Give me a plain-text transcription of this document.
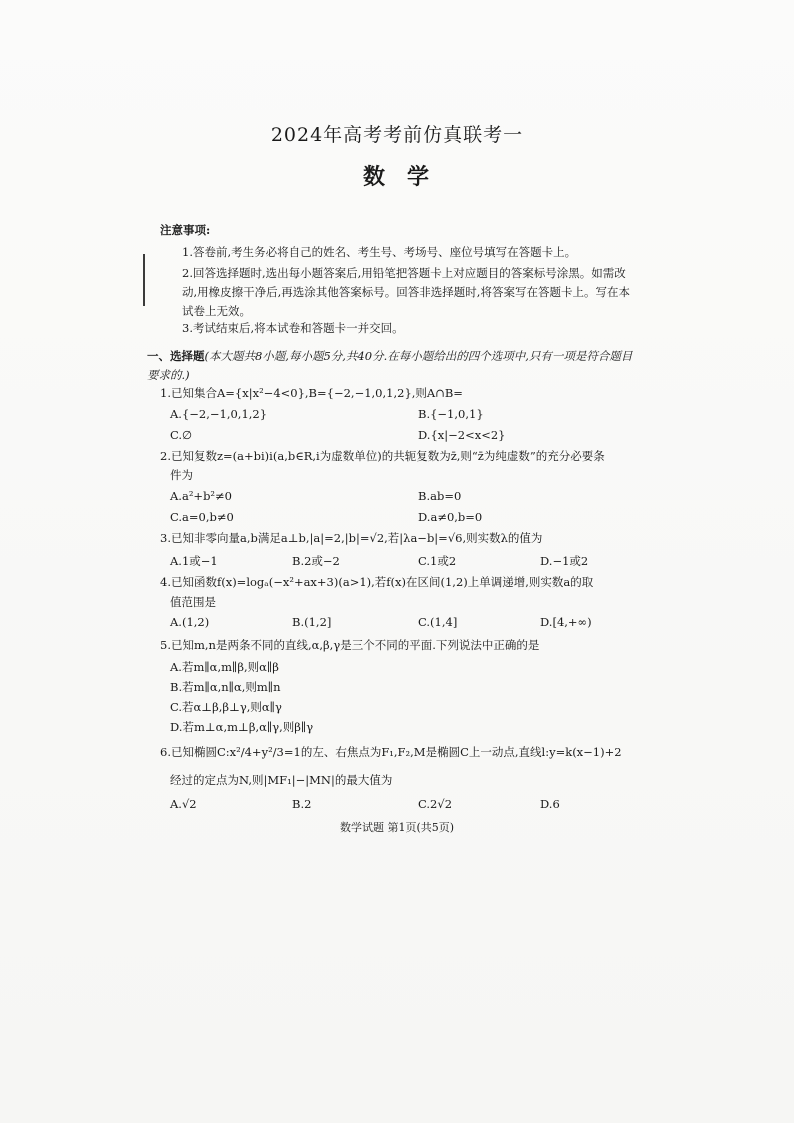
2024年高考考前仿真联考一
数学
注意事项:
1.答卷前,考生务必将自己的姓名、考生号、考场号、座位号填写在答题卡上。
2.回答选择题时,选出每小题答案后,用铅笔把答题卡上对应题目的答案标号涂黑。如需改动,用橡皮擦干净后,再选涂其他答案标号。回答非选择题时,将答案写在答题卡上。写在本试卷上无效。
3.考试结束后,将本试卷和答题卡一并交回。
一、选择题(本大题共8小题,每小题5分,共40分.在每小题给出的四个选项中,只有一项是符合题目要求的.)
1.已知集合A={x|x²−4<0},B={−2,−1,0,1,2},则A∩B=
A.{−2,−1,0,1,2}	B.{−1,0,1}
C.∅	D.{x|−2<x<2}
2.已知复数z=(a+bi)i(a,b∈R,i为虚数单位)的共轭复数为z̄,则“z̄为纯虚数”的充分必要条
件为
A.a²+b²≠0	B.ab=0
C.a=0,b≠0	D.a≠0,b=0
3.已知非零向量a,b满足a⊥b,|a|=2,|b|=√2,若|λa−b|=√6,则实数λ的值为
A.1或−1	B.2或−2	C.1或2	D.−1或2
4.已知函数f(x)=logₐ(−x²+ax+3)(a>1),若f(x)在区间(1,2)上单调递增,则实数a的取
值范围是
A.(1,2)	B.(1,2]	C.(1,4]	D.[4,+∞)
5.已知m,n是两条不同的直线,α,β,γ是三个不同的平面.下列说法中正确的是
A.若m∥α,m∥β,则α∥β
B.若m∥α,n∥α,则m∥n
C.若α⊥β,β⊥γ,则α∥γ
D.若m⊥α,m⊥β,α∥γ,则β∥γ
6.已知椭圆C:x²/4+y²/3=1的左、右焦点为F₁,F₂,M是椭圆C上一动点,直线l:y=k(x−1)+2
经过的定点为N,则|MF₁|−|MN|的最大值为
A.√2	B.2	C.2√2	D.6
数学试题 第1页(共5页)
